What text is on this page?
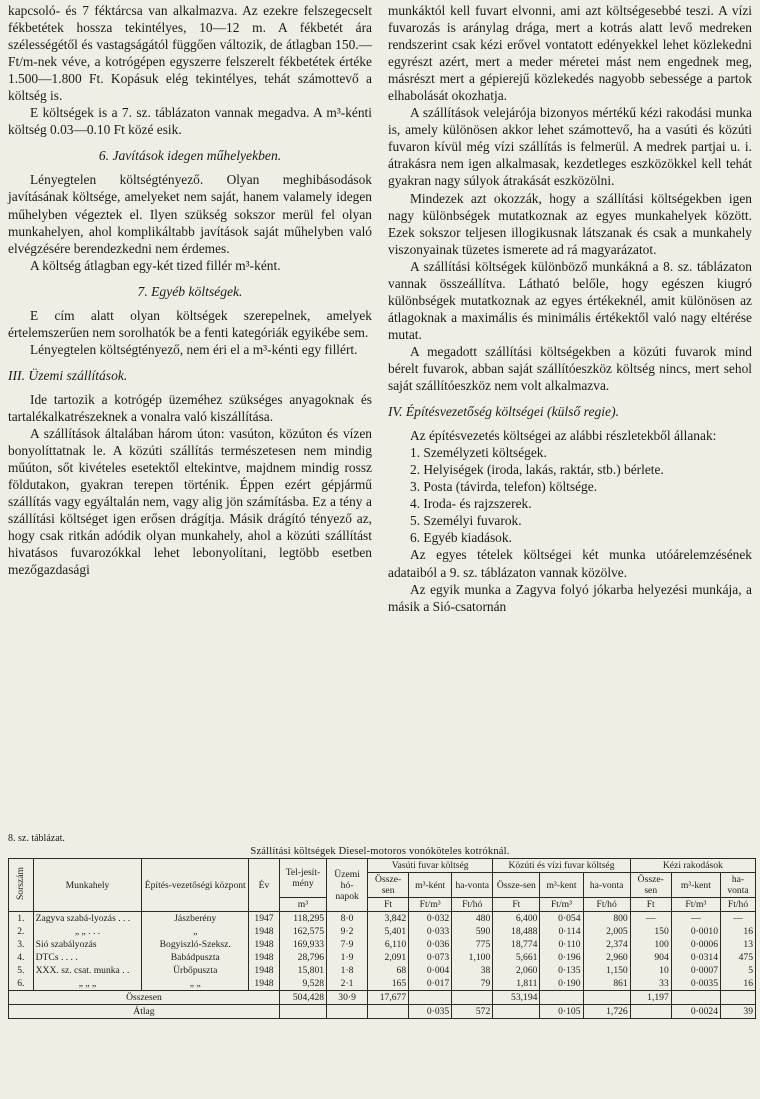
kapcsoló- és 7 féktárcsa van alkalmazva. Az ezekre felszegecselt fékbetétek hossza tekintélyes, 10—12 m. A fékbetét ára szélességétől és vastagságától függően változik, de átlagban 150.— Ft/m-nek véve, a kotrógépen egyszerre felszerelt fékbetétek értéke 1.500—1.800 Ft. Kopásuk elég tekintélyes, tehát számottevő a költség is.

E költségek is a 7. sz. táblázaton vannak megadva. A m³-kénti költség 0.03—0.10 Ft közé esik.

6. Javítások idegen műhelyekben.

Lényegtelen költségtényező. Olyan meghibásodások javításának költsége, amelyeket nem saját, hanem valamely idegen műhelyben végeztek el. Ilyen szükség sokszor merül fel olyan munkahelyen, ahol komplikáltabb javítások saját műhelyben való elvégzésére berendezkedni nem érdemes.

A költség átlagban egy-két tized fillér m³-ként.

7. Egyéb költségek.

E cím alatt olyan költségek szerepelnek, amelyek értelemszerűen nem sorolhatók be a fenti kategóriák egyikébe sem.

Lényegtelen költségtényező, nem éri el a m³-kénti egy fillért.

III. Üzemi szállítások.

Ide tartozik a kotrógép üzeméhez szükséges anyagoknak és tartalékalkatrészeknek a vonalra való kiszállítása.

A szállítások általában három úton: vasúton, közúton és vízen bonyolíttatnak le. A közúti szállítás természetesen nem mindig műúton, sőt kivételes esetektől eltekintve, majdnem mindig rossz földutakon, gyakran terepen történik. Éppen ezért gépjármű szállítás vagy egyáltalán nem, vagy alig jön számításba. Ez a tény a szállítási költséget igen erősen drágítja. Másik drágító tényező az, hogy csak ritkán adódik olyan munkahely, ahol a közúti szállítást hivatásos fuvarozókkal lehet lebonyolítani, legtöbb esetben mezőgazdasági

munkáktól kell fuvart elvonni, ami azt költségesebbé teszi. A vízi fuvarozás is aránylag drága, mert a kotrás alatt levő medreken rendszerint csak kézi erővel vontatott edényekkel lehet közlekedni egyrészt azért, mert a meder méretei mást nem engednek meg, másrészt mert a gépierejű közlekedés nagyobb sebessége a partok elhabolását okozhatja.

A szállítások velejárója bizonyos mértékű kézi rakodási munka is, amely különösen akkor lehet számottevő, ha a vasúti és közúti fuvaron kívül még vízi szállítás is felmerül. A medrek partjai u. i. átrakásra nem igen alkalmasak, kezdetleges eszközökkel kell tehát gyakran nagy súlyok átrakását eszközölni.

Mindezek azt okozzák, hogy a szállítási költségekben igen nagy különbségek mutatkoznak az egyes munkahelyek között. Ezek sokszor teljesen illogikusnak látszanak és csak a munkahely viszonyainak tüzetes ismerete ad rá magyarázatot.

A szállítási költségek különböző munkákná a 8. sz. táblázaton vannak összeállítva. Látható belőle, hogy egészen kiugró különbségek mutatkoznak az egyes értékeknél, amit különösen az átlagoknak a maximális és minimális értékektől való nagy eltérése mutat.

A megadott szállítási költségekben a közúti fuvarok mind bérelt fuvarok, abban saját szállítóeszköz költség nincs, mert sehol saját szállítóeszköz nem volt alkalmazva.

IV. Építésvezetőség költségei (külső regie).

Az építésvezetés költségei az alábbi részletekből állanak:

1. Személyzeti költségek.
2. Helyiségek (iroda, lakás, raktár, stb.) bérlete.
3. Posta (távirda, telefon) költsége.
4. Iroda- és rajzszerek.
5. Személyi fuvarok.
6. Egyéb kiadások.

Az egyes tételek költségei két munka utóárelemzésének adataiból a 9. sz. táblázaton vannak közölve.

Az egyik munka a Zagyva folyó jókarba helyezési munkája, a másik a Sió-csatornán

8. sz. táblázat.
Szállítási költségek Diesel-motoros vonóköteles kotróknál.
Sorszám	Munkahely	Építés-vezetőségi központ	Év	Tel-jesít-mény	Üzemi hó-napok	Vasúti fuvar költség			Közúti és vízi fuvar költség			Kézi rakodások		
						Össze-sen	m³-ként	ha-vonta	Össze-sen	m³-kent	ha-vonta	Össze-sen	m³-kent	ha-vonta
				m³		Ft	Ft/m³	Ft/hó	Ft	Ft/m³	Ft/hó	Ft	Ft/m³	Ft/hó
1.	Zagyva szabá-lyozás . . .	Jászberény	1947	118,295	8·0	3,842	0·032	480	6,400	0·054	800	—	—	—
2.	„ „ . . .	„	1948	162,575	9·2	5,401	0·033	590	18,488	0·114	2,005	150	0·0010	16
3.	Sió szabályozás	Bogyiszló-Szeksz.	1948	169,933	7·9	6,110	0·036	775	18,774	0·110	2,374	100	0·0006	13
4.	DTCs . . . .	Babádpuszta	1948	28,796	1·9	2,091	0·073	1,100	5,661	0·196	2,960	904	0·0314	475
5.	XXX. sz. csat. munka . .	Ürbőpuszta	1948	15,801	1·8	68	0·004	38	2,060	0·135	1,150	10	0·0007	5
6.	„ „ „	„ „	1948	9,528	2·1	165	0·017	79	1,811	0·190	861	33	0·0035	16
Összesen				504,428	30·9	17,677			53,194			1,197		
Átlag							0·035	572		0·105	1,726		0·0024	39
